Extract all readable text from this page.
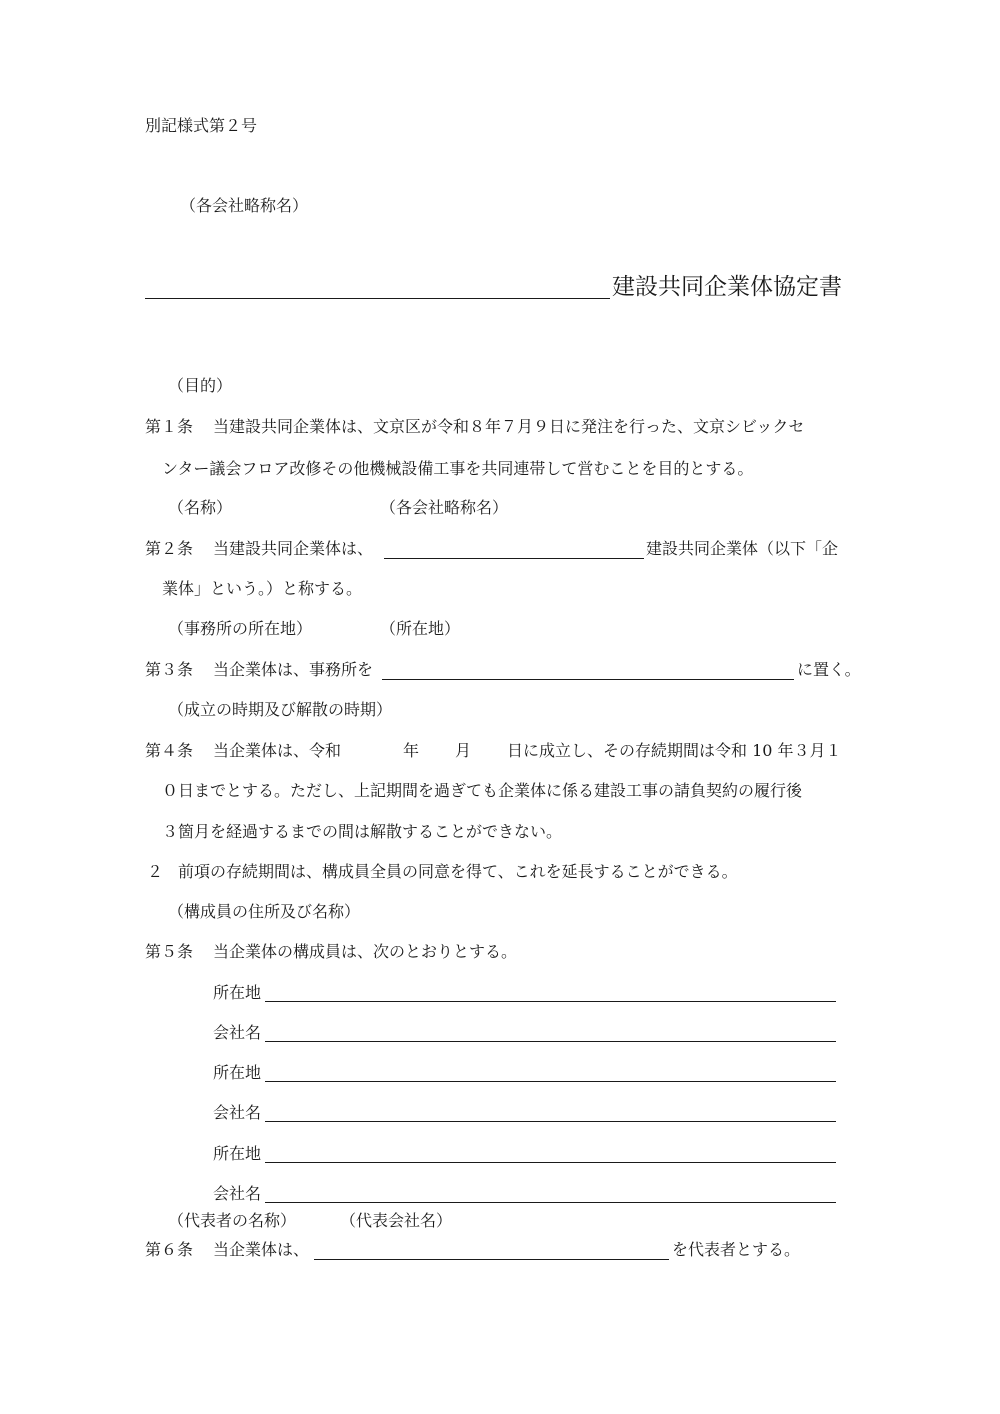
別記様式第２号
（各会社略称名）
建設共同企業体協定書
（目的）
第１条 当建設共同企業体は、文京区が令和８年７月９日に発注を行った、文京シビックセ
ンター議会フロア改修その他機械設備工事を共同連帯して営むことを目的とする。
（名称）	（各会社略称名）
第２条 当建設共同企業体は、	建設共同企業体（以下「企
業体」という。）と称する。
（事務所の所在地）	（所在地）
第３条 当企業体は、事務所を	に置く。
（成立の時期及び解散の時期）
第４条 当企業体は、令和	年 月 日に成立し、その存続期間は令和 10 年３月１
０日までとする。ただし、上記期間を過ぎても企業体に係る建設工事の請負契約の履行後
３箇月を経過するまでの間は解散することができない。
２ 前項の存続期間は、構成員全員の同意を得て、これを延長することができる。
（構成員の住所及び名称）
第５条 当企業体の構成員は、次のとおりとする。
所在地
会社名
所在地
会社名
所在地
会社名
（代表者の名称）	（代表会社名）
第６条 当企業体は、	を代表者とする。
